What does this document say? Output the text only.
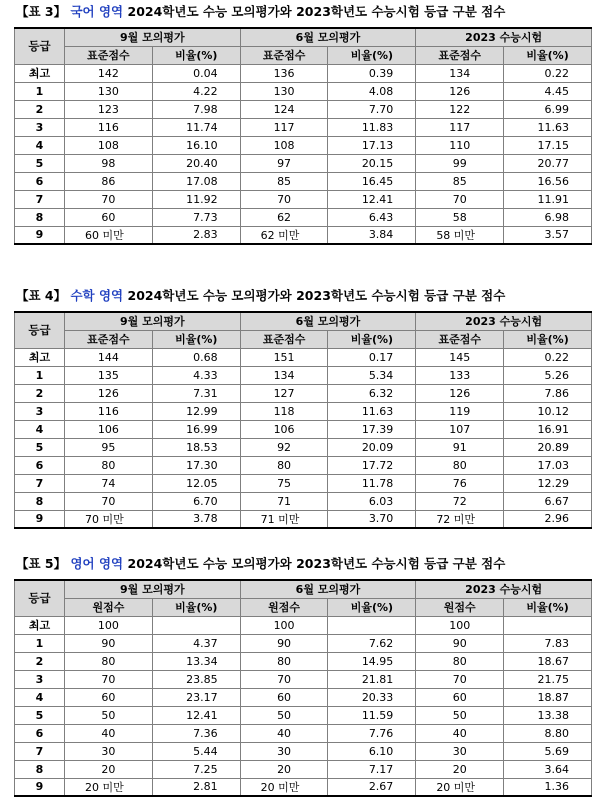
【표 3】 국어 영역 2024학년도 수능 모의평가와 2023학년도 수능시험 등급 구분 점수
등급	9월 모의평가		6월 모의평가		2023 수능시험	
	표준점수	비율(%)	표준점수	비율(%)	표준점수	비율(%)
최고	142	0.04	136	0.39	134	0.22
1	130	4.22	130	4.08	126	4.45
2	123	7.98	124	7.70	122	6.99
3	116	11.74	117	11.83	117	11.63
4	108	16.10	108	17.13	110	17.15
5	98	20.40	97	20.15	99	20.77
6	86	17.08	85	16.45	85	16.56
7	70	11.92	70	12.41	70	11.91
8	60	7.73	62	6.43	58	6.98
9	60 미만	2.83	62 미만	3.84	58 미만	3.57
【표 4】 수학 영역 2024학년도 수능 모의평가와 2023학년도 수능시험 등급 구분 점수
등급	9월 모의평가		6월 모의평가		2023 수능시험	
	표준점수	비율(%)	표준점수	비율(%)	표준점수	비율(%)
최고	144	0.68	151	0.17	145	0.22
1	135	4.33	134	5.34	133	5.26
2	126	7.31	127	6.32	126	7.86
3	116	12.99	118	11.63	119	10.12
4	106	16.99	106	17.39	107	16.91
5	95	18.53	92	20.09	91	20.89
6	80	17.30	80	17.72	80	17.03
7	74	12.05	75	11.78	76	12.29
8	70	6.70	71	6.03	72	6.67
9	70 미만	3.78	71 미만	3.70	72 미만	2.96
【표 5】 영어 영역 2024학년도 수능 모의평가와 2023학년도 수능시험 등급 구분 점수
등급	9월 모의평가		6월 모의평가		2023 수능시험	
	원점수	비율(%)	원점수	비율(%)	원점수	비율(%)
최고	100		100		100	
1	90	4.37	90	7.62	90	7.83
2	80	13.34	80	14.95	80	18.67
3	70	23.85	70	21.81	70	21.75
4	60	23.17	60	20.33	60	18.87
5	50	12.41	50	11.59	50	13.38
6	40	7.36	40	7.76	40	8.80
7	30	5.44	30	6.10	30	5.69
8	20	7.25	20	7.17	20	3.64
9	20 미만	2.81	20 미만	2.67	20 미만	1.36
